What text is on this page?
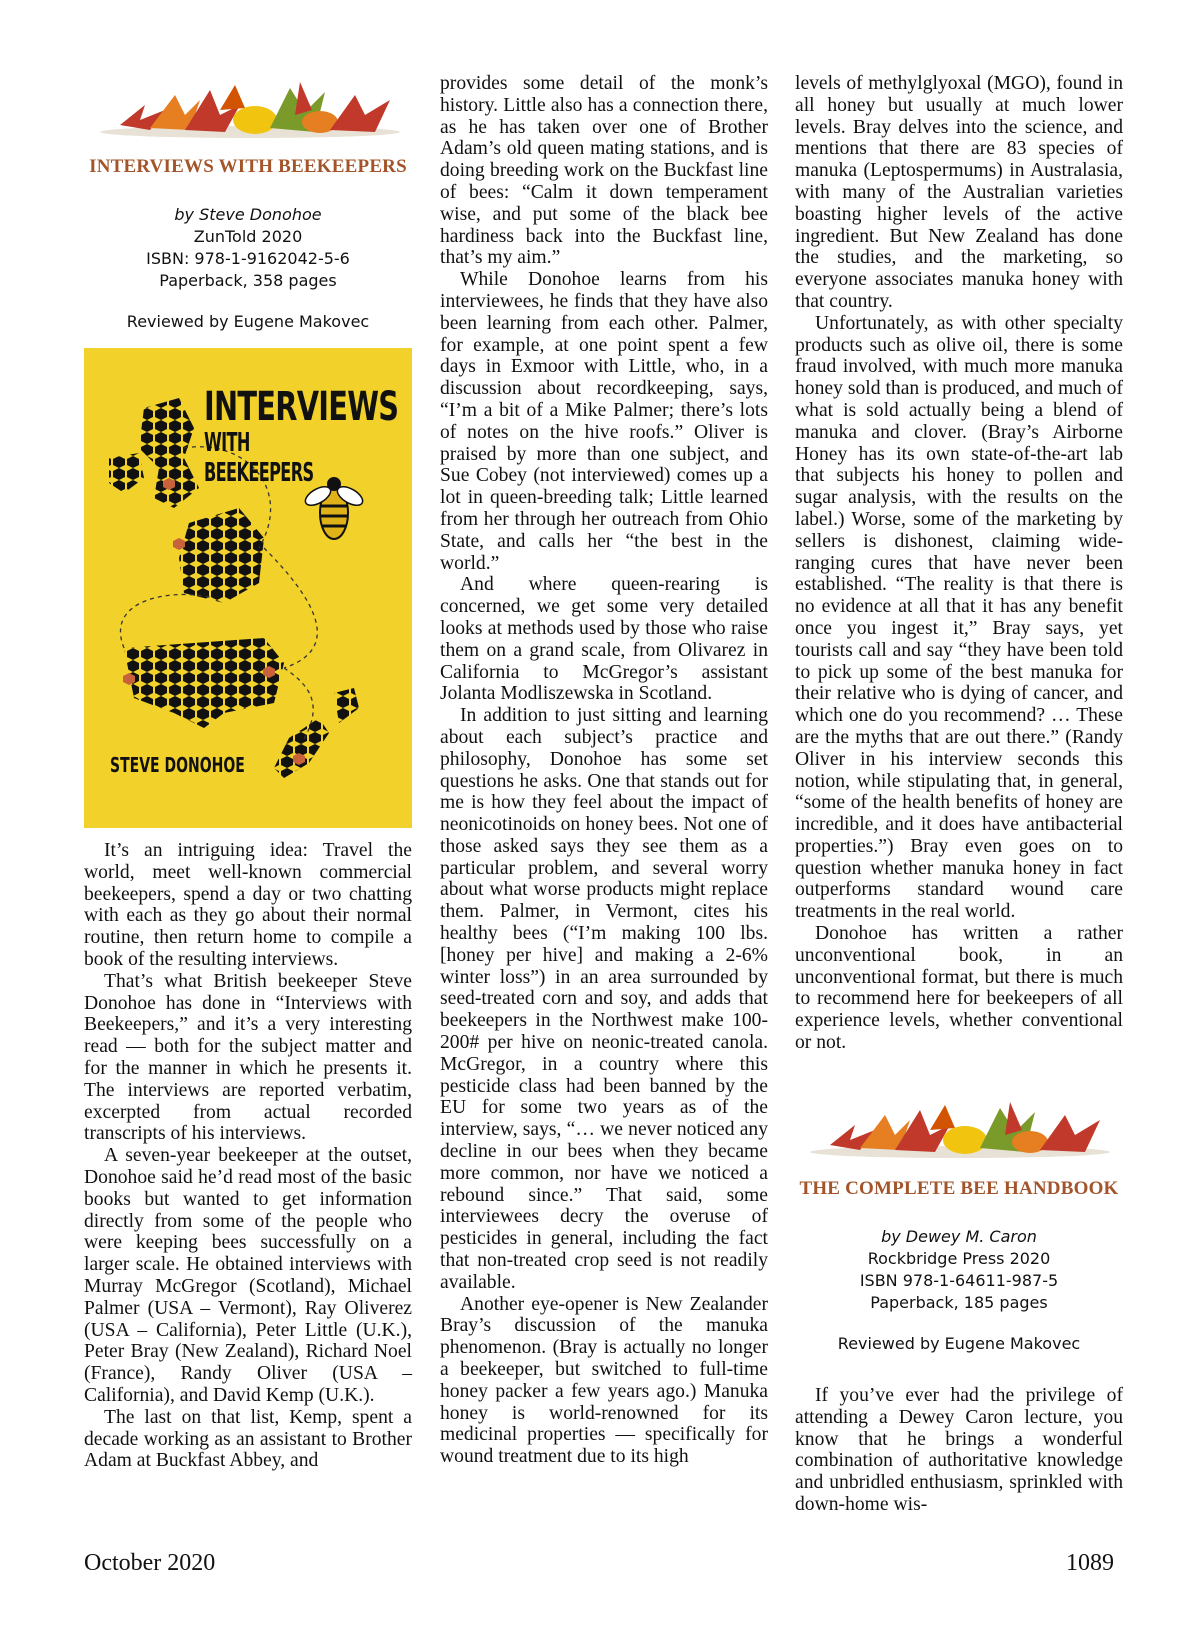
INTERVIEWS WITH BEEKEEPERS

by Steve Donohoe

ZunTold 2020

ISBN: 978-1-9162042-5-6

Paperback, 358 pages

Reviewed by Eugene Makovec

INTERVIEWS
WITH BEEKEEPERS
STEVE DONOHOE

It’s an intriguing idea: Travel the world, meet well-known commercial beekeepers, spend a day or two chatting with each as they go about their normal routine, then return home to compile a book of the resulting interviews.

That’s what British beekeeper Steve Donohoe has done in “Interviews with Beekeepers,” and it’s a very interesting read — both for the subject matter and for the manner in which he presents it. The interviews are reported verbatim, excerpted from actual recorded transcripts of his interviews.

A seven-year beekeeper at the outset, Donohoe said he’d read most of the basic books but wanted to get information directly from some of the people who were keeping bees successfully on a larger scale. He obtained interviews with Murray McGregor (Scotland), Michael Palmer (USA – Vermont), Ray Oliverez (USA – California), Peter Little (U.K.), Peter Bray (New Zealand), Richard Noel (France), Randy Oliver (USA – California), and David Kemp (U.K.).

The last on that list, Kemp, spent a decade working as an assistant to Brother Adam at Buckfast Abbey, and

provides some detail of the monk’s history. Little also has a connection there, as he has taken over one of Brother Adam’s old queen mating stations, and is doing breeding work on the Buckfast line of bees: “Calm it down temperament wise, and put some of the black bee hardiness back into the Buckfast line, that’s my aim.”

While Donohoe learns from his interviewees, he finds that they have also been learning from each other. Palmer, for example, at one point spent a few days in Exmoor with Little, who, in a discussion about recordkeeping, says, “I’m a bit of a Mike Palmer; there’s lots of notes on the hive roofs.” Oliver is praised by more than one subject, and Sue Cobey (not interviewed) comes up a lot in queen-breeding talk; Little learned from her through her outreach from Ohio State, and calls her “the best in the world.”

And where queen-rearing is concerned, we get some very detailed looks at methods used by those who raise them on a grand scale, from Olivarez in California to McGregor’s assistant Jolanta Modliszewska in Scotland.

In addition to just sitting and learning about each subject’s practice and philosophy, Donohoe has some set questions he asks. One that stands out for me is how they feel about the impact of neonicotinoids on honey bees. Not one of those asked says they see them as a particular problem, and several worry about what worse products might replace them. Palmer, in Vermont, cites his healthy bees (“I’m making 100 lbs. [honey per hive] and making a 2-6% winter loss”) in an area surrounded by seed-treated corn and soy, and adds that beekeepers in the Northwest make 100-200# per hive on neonic-treated canola. McGregor, in a country where this pesticide class had been banned by the EU for some two years as of the interview, says, “… we never noticed any decline in our bees when they became more common, nor have we noticed a rebound since.” That said, some interviewees decry the overuse of pesticides in general, including the fact that non-treated crop seed is not readily available.

Another eye-opener is New Zealander Bray’s discussion of the manuka phenomenon. (Bray is actually no longer a beekeeper, but switched to full-time honey packer a few years ago.) Manuka honey is world-renowned for its medicinal properties — specifically for wound treatment due to its high

levels of methylglyoxal (MGO), found in all honey but usually at much lower levels. Bray delves into the science, and mentions that there are 83 species of manuka (Leptospermums) in Australasia, with many of the Australian varieties boasting higher levels of the active ingredient. But New Zealand has done the studies, and the marketing, so everyone associates manuka honey with that country.

Unfortunately, as with other specialty products such as olive oil, there is some fraud involved, with much more manuka honey sold than is produced, and much of what is sold actually being a blend of manuka and clover. (Bray’s Airborne Honey has its own state-of-the-art lab that subjects his honey to pollen and sugar analysis, with the results on the label.) Worse, some of the marketing by sellers is dishonest, claiming wide-ranging cures that have never been established. “The reality is that there is no evidence at all that it has any benefit once you ingest it,” Bray says, yet tourists call and say “they have been told to pick up some of the best manuka for their relative who is dying of cancer, and which one do you recommend? … These are the myths that are out there.” (Randy Oliver in his interview seconds this notion, while stipulating that, in general, “some of the health benefits of honey are incredible, and it does have antibacterial properties.”) Bray even goes on to question whether manuka honey in fact outperforms standard wound care treatments in the real world.

Donohoe has written a rather unconventional book, in an unconventional format, but there is much to recommend here for beekeepers of all experience levels, whether conventional or not.

THE COMPLETE BEE HANDBOOK

by Dewey M. Caron

Rockbridge Press 2020

ISBN 978-1-64611-987-5

Paperback, 185 pages

Reviewed by Eugene Makovec

If you’ve ever had the privilege of attending a Dewey Caron lecture, you know that he brings a wonderful combination of authoritative knowledge and unbridled enthusiasm, sprinkled with down-home wis-

October 2020	1089
